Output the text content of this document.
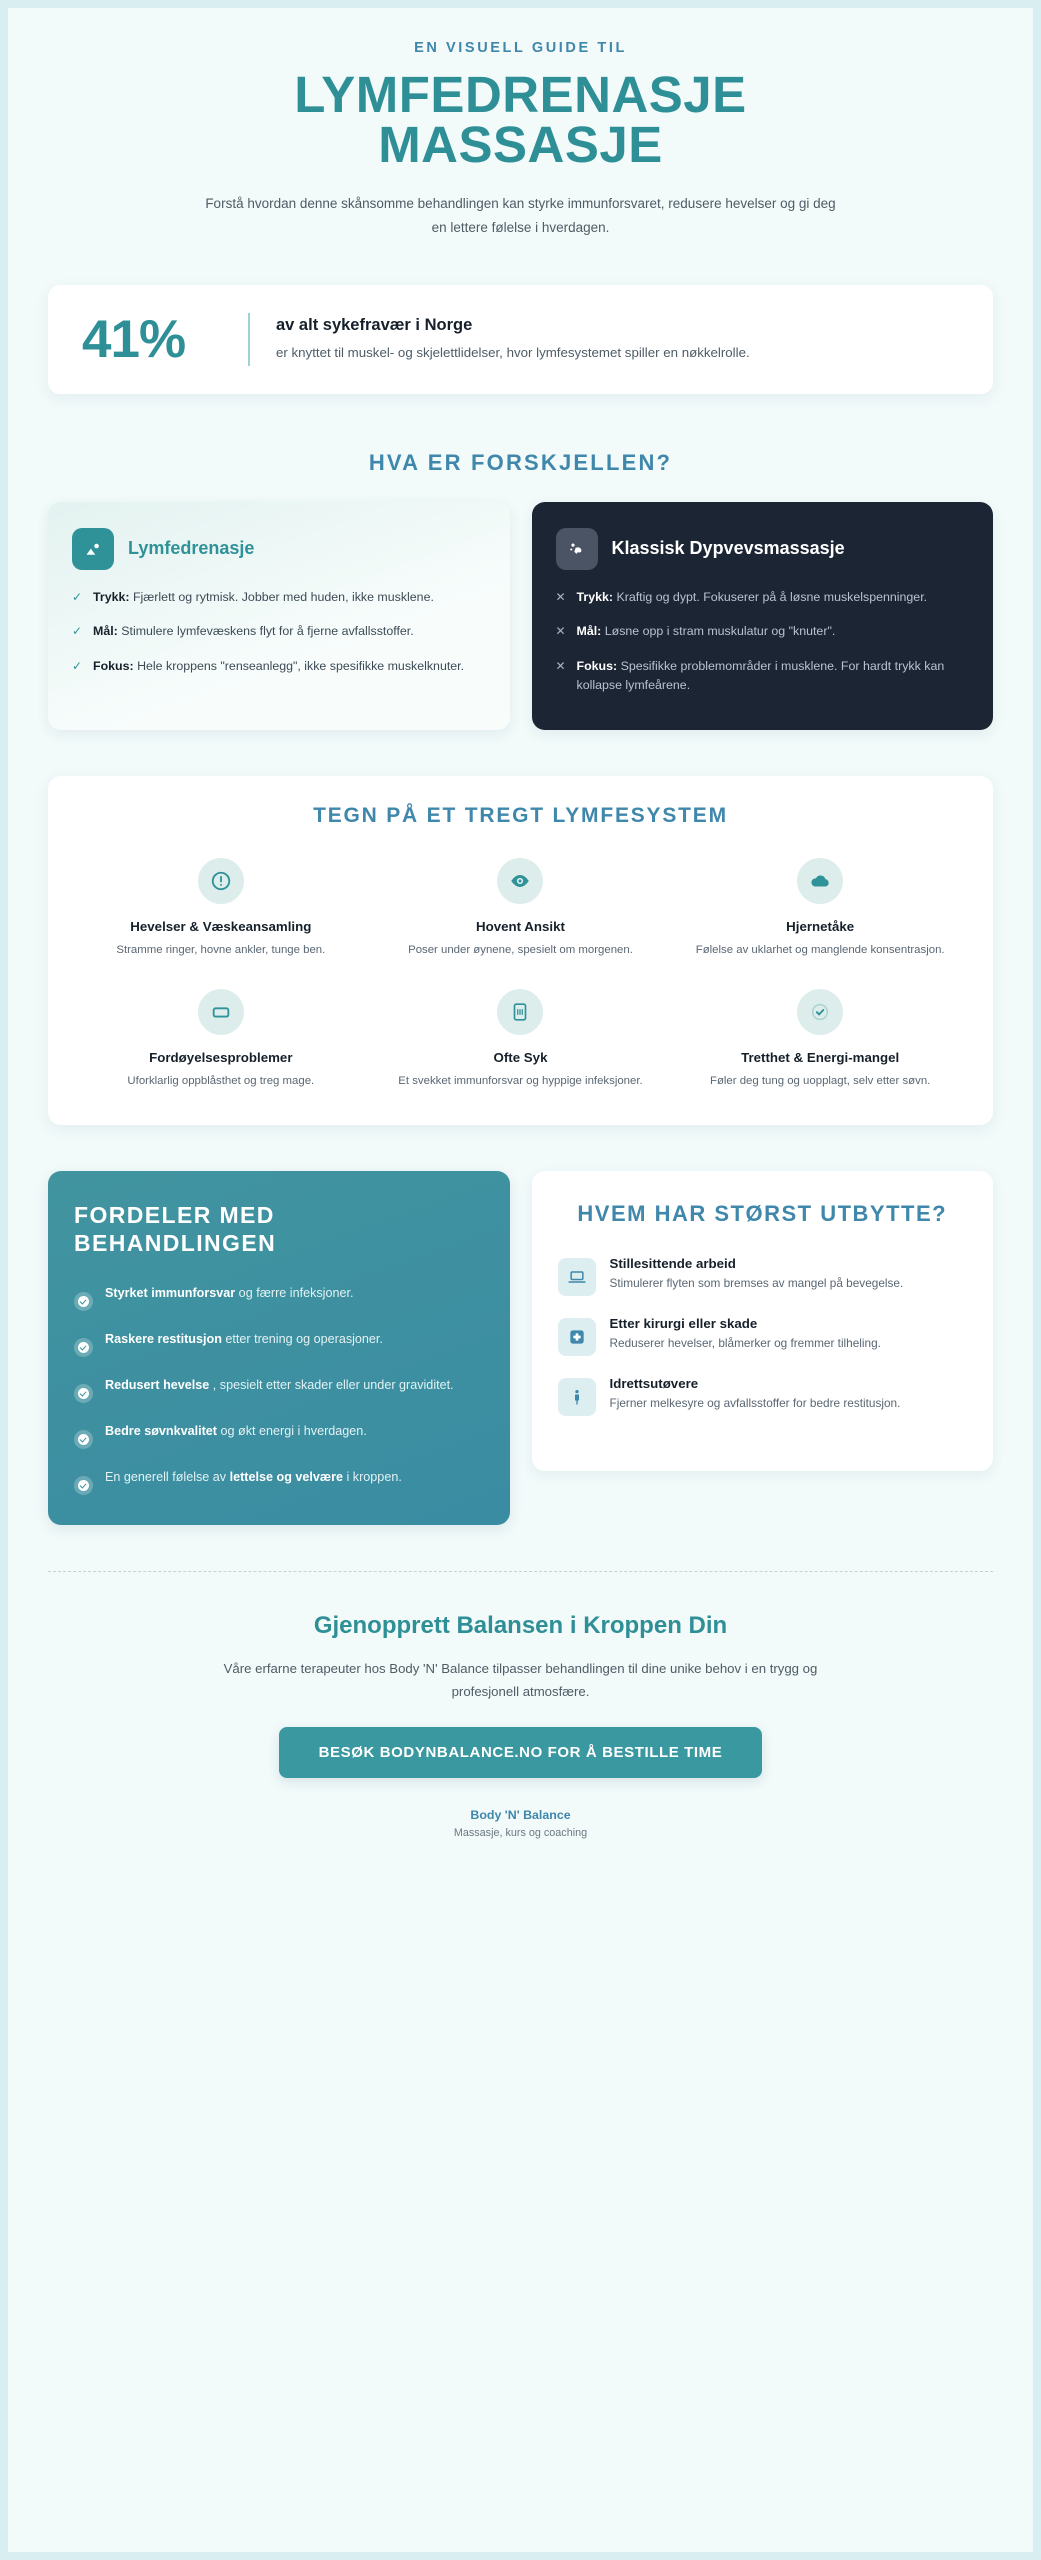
EN VISUELL GUIDE TIL
LYMFEDRENASJE
MASSASJE
Forstå hvordan denne skånsomme behandlingen kan styrke immunforsvaret, redusere hevelser og gi deg en lettere følelse i hverdagen.
41%	av alt sykefravær i Norge
er knyttet til muskel- og skjelettlidelser, hvor lymfesystemet spiller en nøkkelrolle.
HVA ER FORSKJELLEN?
Lymfedrenasje
✓ Trykk: Fjærlett og rytmisk. Jobber med huden, ikke musklene.
✓ Mål: Stimulere lymfevæskens flyt for å fjerne avfallsstoffer.
✓ Fokus: Hele kroppens "renseanlegg", ikke spesifikke muskelknuter.
Klassisk Dypvevsmassasje
✕ Trykk: Kraftig og dypt. Fokuserer på å løsne muskelspenninger.
✕ Mål: Løsne opp i stram muskulatur og "knuter".
✕ Fokus: Spesifikke problemområder i musklene. For hardt trykk kan kollapse lymfeårene.
TEGN PÅ ET TREGT LYMFESYSTEM
Hevelser & Væskeansamling
Stramme ringer, hovne ankler, tunge ben.
Hovent Ansikt
Poser under øynene, spesielt om morgenen.
Hjernetåke
Følelse av uklarhet og manglende konsentrasjon.
Fordøyelsesproblemer
Uforklarlig oppblåsthet og treg mage.
Ofte Syk
Et svekket immunforsvar og hyppige infeksjoner.
Tretthet & Energi-mangel
Føler deg tung og uopplagt, selv etter søvn.
FORDELER MED BEHANDLINGEN
Styrket immunforsvar og færre infeksjoner.
Raskere restitusjon etter trening og operasjoner.
Redusert hevelse , spesielt etter skader eller under graviditet.
Bedre søvnkvalitet og økt energi i hverdagen.
En generell følelse av lettelse og velvære i kroppen.
HVEM HAR STØRST UTBYTTE?
Stillesittende arbeid
Stimulerer flyten som bremses av mangel på bevegelse.
Etter kirurgi eller skade
Reduserer hevelser, blåmerker og fremmer tilheling.
Idrettsutøvere
Fjerner melkesyre og avfallsstoffer for bedre restitusjon.
Gjenopprett Balansen i Kroppen Din
Våre erfarne terapeuter hos Body 'N' Balance tilpasser behandlingen til dine unike behov i en trygg og profesjonell atmosfære.
BESØK BODYNBALANCE.NO FOR Å BESTILLE TIME
Body 'N' Balance
Massasje, kurs og coaching
